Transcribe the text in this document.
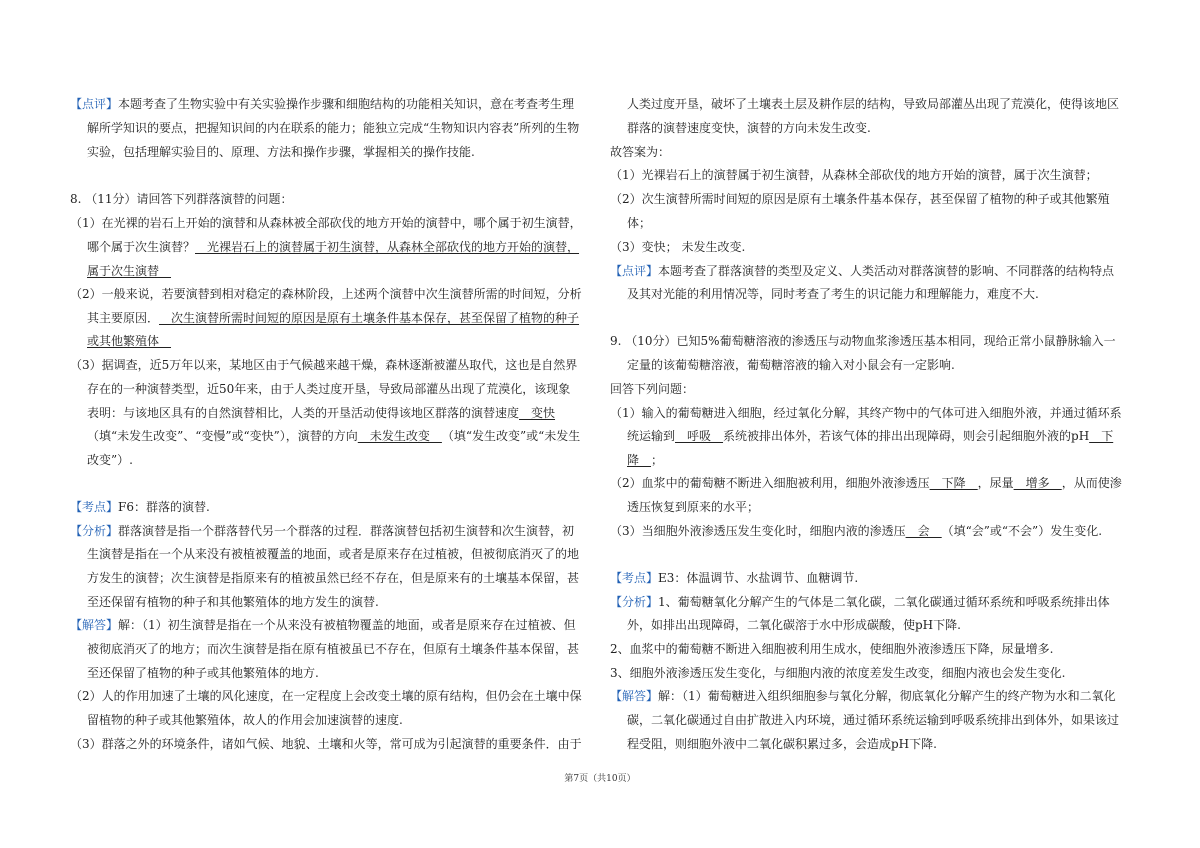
【点评】本题考查了生物实验中有关实验操作步骤和细胞结构的功能相关知识，意在考查考生理
解所学知识的要点，把握知识间的内在联系的能力；能独立完成“生物知识内容表”所列的生物
实验，包括理解实验目的、原理、方法和操作步骤，掌握相关的操作技能.
8. （11分）请回答下列群落演替的问题：
（1）在光裸的岩石上开始的演替和从森林被全部砍伐的地方开始的演替中，哪个属于初生演替，
哪个属于次生演替？__光裸岩石上的演替属于初生演替，从森林全部砍伐的地方开始的演替，
属于次生演替__
（2）一般来说，若要演替到相对稳定的森林阶段，上述两个演替中次生演替所需的时间短，分析
其主要原因．__次生演替所需时间短的原因是原有土壤条件基本保存，甚至保留了植物的种子
或其他繁殖体__
（3）据调查，近5万年以来，某地区由于气候越来越干燥，森林逐渐被灌丛取代，这也是自然界
存在的一种演替类型，近50年来，由于人类过度开垦，导致局部灌丛出现了荒漠化，该现象
表明：与该地区具有的自然演替相比，人类的开垦活动使得该地区群落的演替速度__变快
（填“未发生改变”、“变慢”或“变快”），演替的方向__未发生改变__（填“发生改变”或“未发生
改变”）.
【考点】F6：群落的演替.
【分析】群落演替是指一个群落替代另一个群落的过程．群落演替包括初生演替和次生演替，初
生演替是指在一个从来没有被植被覆盖的地面，或者是原来存在过植被，但被彻底消灭了的地
方发生的演替；次生演替是指原来有的植被虽然已经不存在，但是原来有的土壤基本保留，甚
至还保留有植物的种子和其他繁殖体的地方发生的演替.
【解答】解：（1）初生演替是指在一个从来没有被植物覆盖的地面，或者是原来存在过植被、但
被彻底消灭了的地方；而次生演替是指在原有植被虽已不存在，但原有土壤条件基本保留，甚
至还保留了植物的种子或其他繁殖体的地方.
（2）人的作用加速了土壤的风化速度，在一定程度上会改变土壤的原有结构，但仍会在土壤中保
留植物的种子或其他繁殖体，故人的作用会加速演替的速度.
（3）群落之外的环境条件，诸如气候、地貌、土壤和火等，常可成为引起演替的重要条件．由于
人类过度开垦，破坏了土壤表土层及耕作层的结构，导致局部灌丛出现了荒漠化，使得该地区
群落的演替速度变快，演替的方向未发生改变.
故答案为：
（1）光裸岩石上的演替属于初生演替，从森林全部砍伐的地方开始的演替，属于次生演替；
（2）次生演替所需时间短的原因是原有土壤条件基本保存，甚至保留了植物的种子或其他繁殖
体；
（3）变快； 未发生改变.
【点评】本题考查了群落演替的类型及定义、人类活动对群落演替的影响、不同群落的结构特点
及其对光能的利用情况等，同时考查了考生的识记能力和理解能力，难度不大.
9. （10分）已知5%葡萄糖溶液的渗透压与动物血浆渗透压基本相同，现给正常小鼠静脉输入一
定量的该葡萄糖溶液，葡萄糖溶液的输入对小鼠会有一定影响.
回答下列问题：
（1）输入的葡萄糖进入细胞，经过氧化分解，其终产物中的气体可进入细胞外液，并通过循环系
统运输到__呼吸__系统被排出体外，若该气体的排出出现障碍，则会引起细胞外液的pH__下
降__；
（2）血浆中的葡萄糖不断进入细胞被利用，细胞外液渗透压__下降__，尿量__增多__，从而使渗
透压恢复到原来的水平；
（3）当细胞外液渗透压发生变化时，细胞内液的渗透压__会__（填“会”或“不会”）发生变化.
【考点】E3：体温调节、水盐调节、血糖调节.
【分析】1、葡萄糖氧化分解产生的气体是二氧化碳，二氧化碳通过循环系统和呼吸系统排出体
外，如排出出现障碍，二氧化碳溶于水中形成碳酸，使pH下降.
2、血浆中的葡萄糖不断进入细胞被利用生成水，使细胞外液渗透压下降，尿量增多.
3、细胞外液渗透压发生变化，与细胞内液的浓度差发生改变，细胞内液也会发生变化.
【解答】解：（1）葡萄糖进入组织细胞参与氧化分解，彻底氧化分解产生的终产物为水和二氧化
碳，二氧化碳通过自由扩散进入内环境，通过循环系统运输到呼吸系统排出到体外，如果该过
程受阻，则细胞外液中二氧化碳积累过多，会造成pH下降.
第7页（共10页）
